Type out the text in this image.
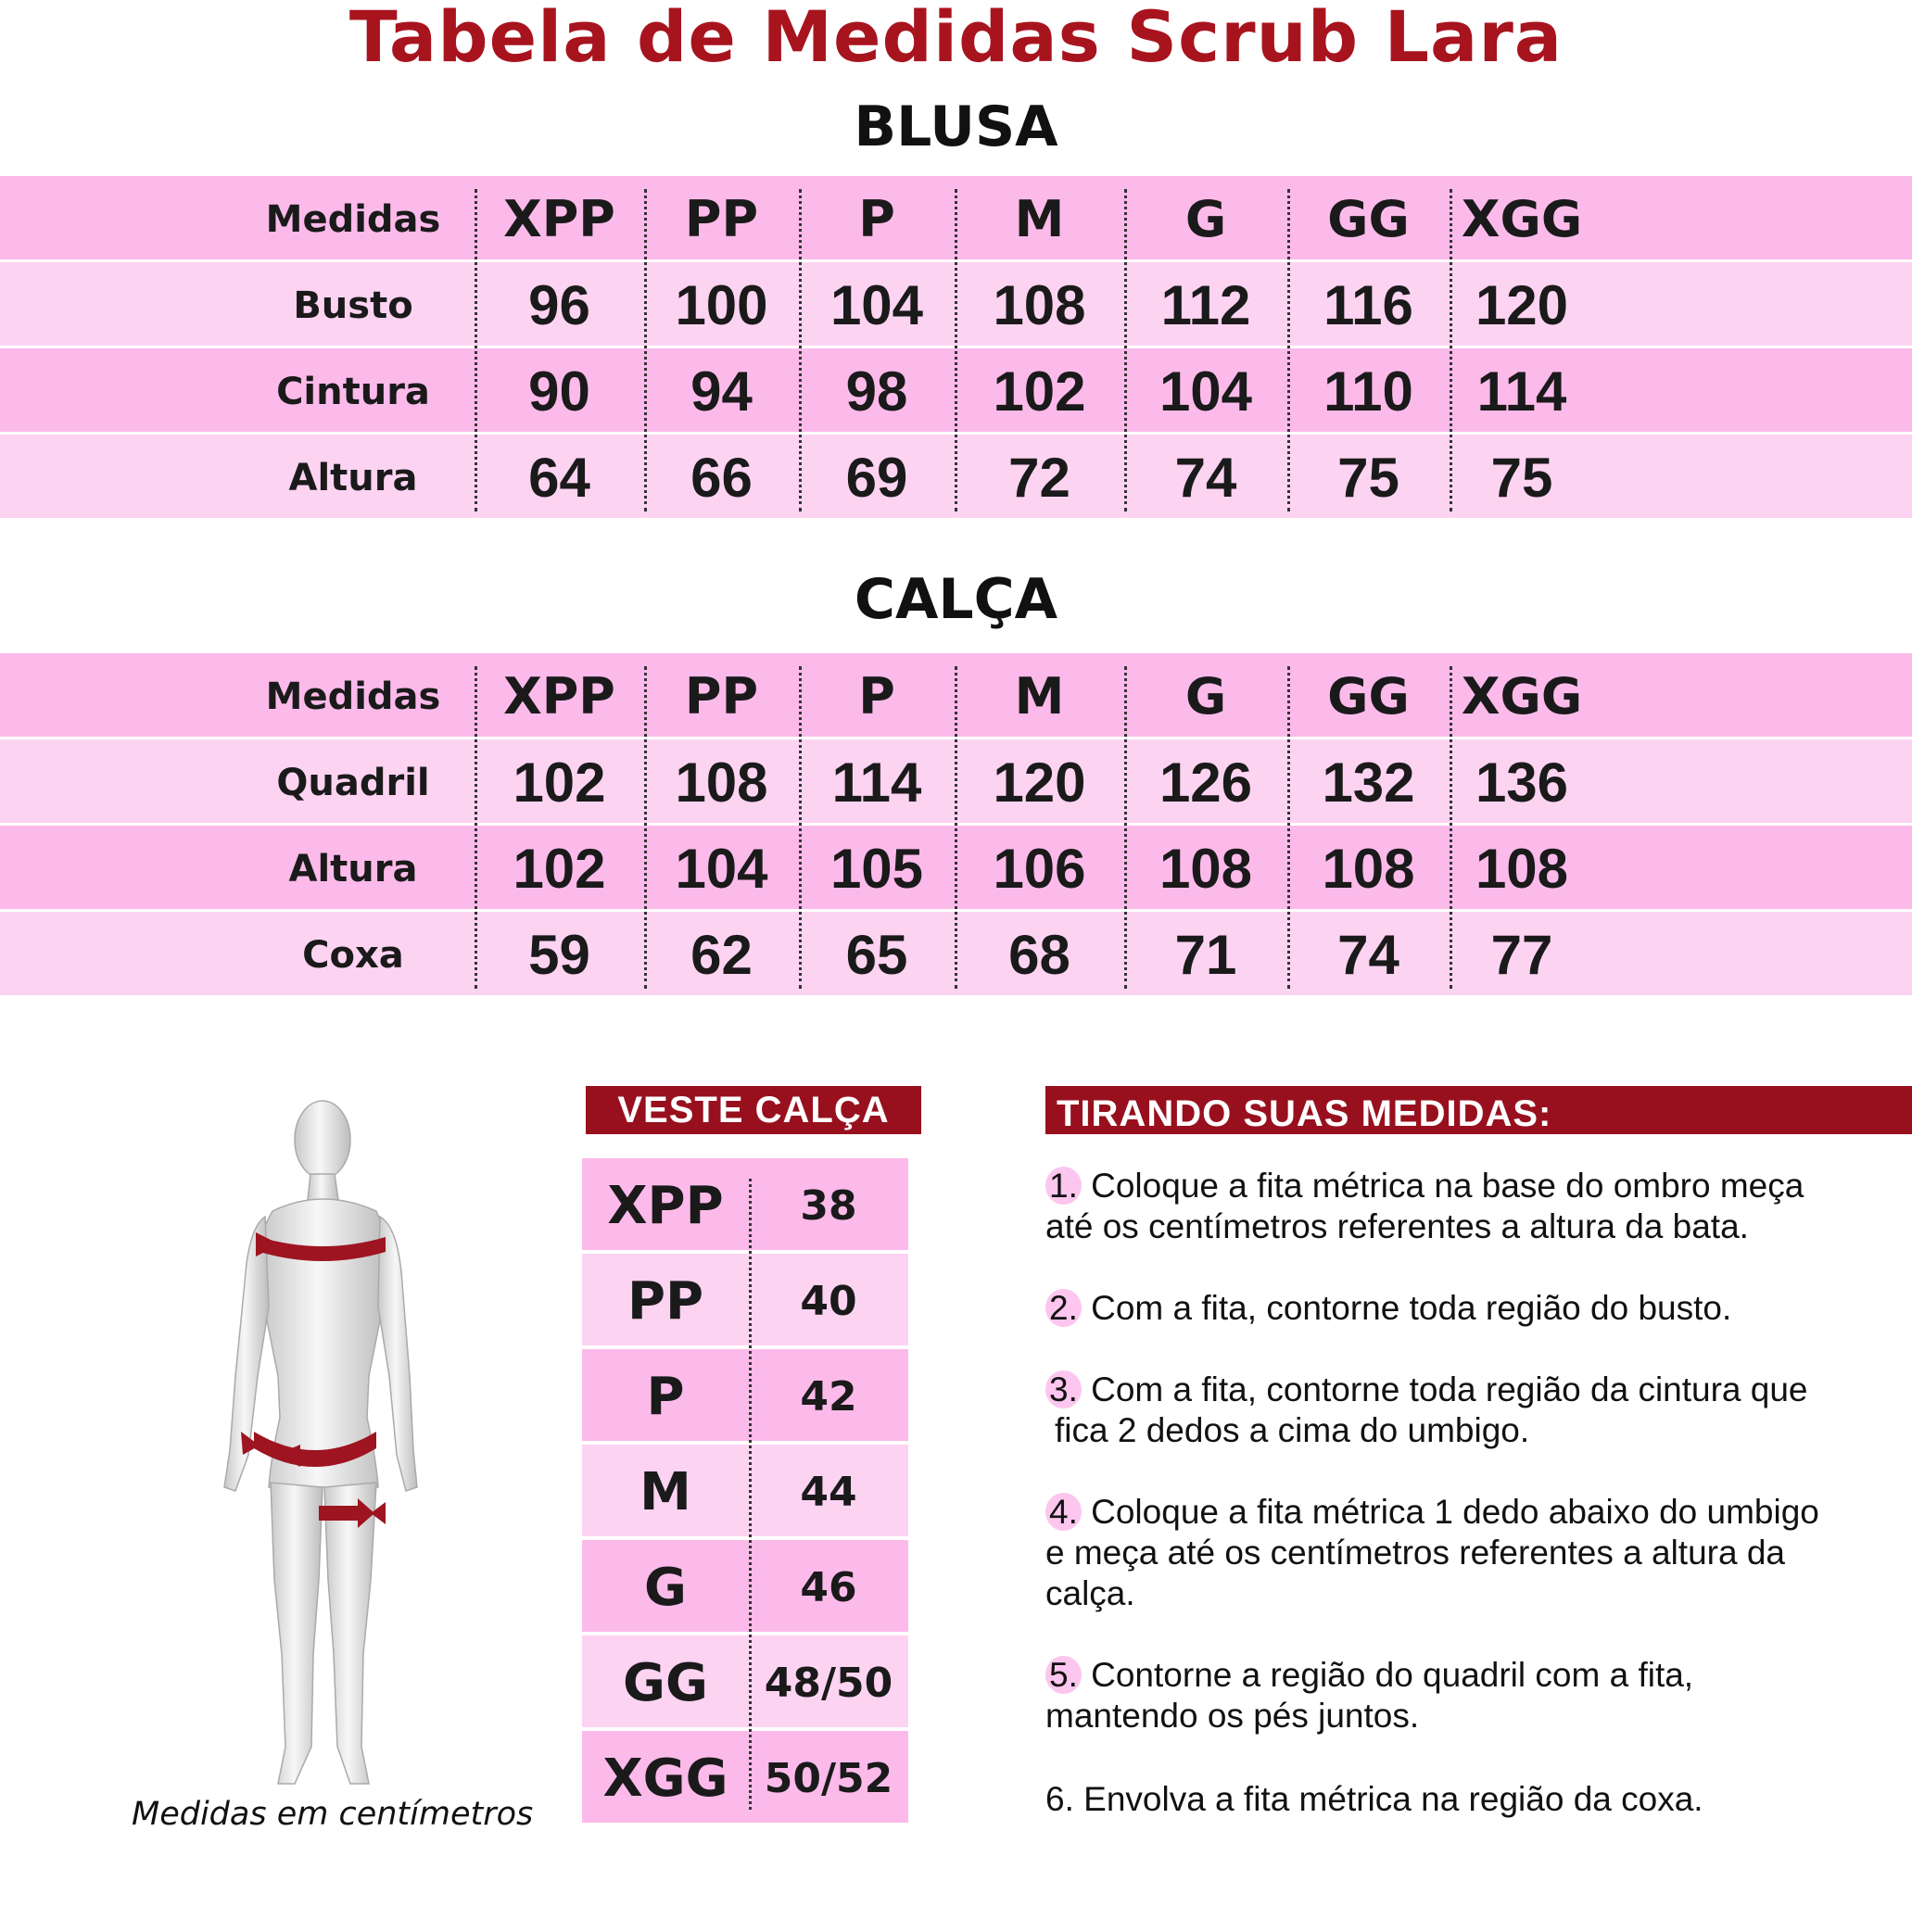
Tabela de Medidas Scrub Lara
BLUSA
Medidas	XPP	PP	P	M	G	GG	XGG
Busto	96	100	104	108	112	116	120
Cintura	90	94	98	102	104	110	114
Altura	64	66	69	72	74	75	75
CALÇA
Medidas	XPP	PP	P	M	G	GG	XGG
Quadril	102	108	114	120	126	132	136
Altura	102	104	105	106	108	108	108
Coxa	59	62	65	68	71	74	77
Medidas em centímetros
VESTE CALÇA
XPP	38
PP	40
P	42
M	44
G	46
GG	48/50
XGG 50/52
TIRANDO SUAS MEDIDAS:
1. Coloque a fita métrica na base do ombro meça
até os centímetros referentes a altura da bata.
2. Com a fita, contorne toda região do busto.
3. Com a fita, contorne toda região da cintura que
fica 2 dedos a cima do umbigo.
4. Coloque a fita métrica 1 dedo abaixo do umbigo
e meça até os centímetros referentes a altura da
calça.
5. Contorne a região do quadril com a fita,
mantendo os pés juntos.
6. Envolva a fita métrica na região da coxa.
